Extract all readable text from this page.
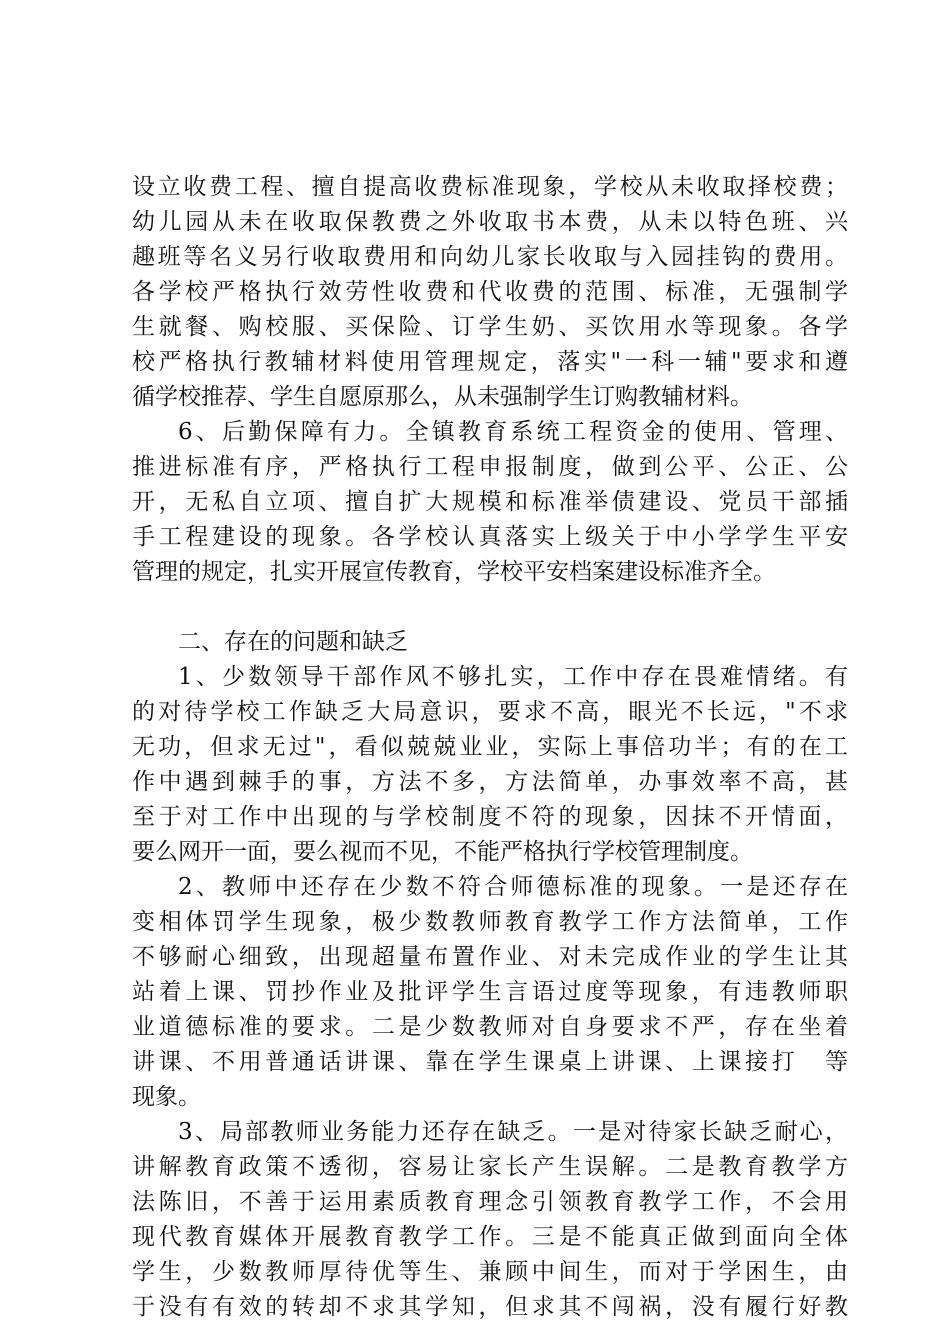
设立收费工程、擅自提高收费标准现象，学校从未收取择校费；
幼儿园从未在收取保教费之外收取书本费，从未以特色班、兴
趣班等名义另行收取费用和向幼儿家长收取与入园挂钩的费用。
各学校严格执行效劳性收费和代收费的范围、标准，无强制学
生就餐、购校服、买保险、订学生奶、买饮用水等现象。各学
校严格执行教辅材料使用管理规定，落实"一科一辅"要求和遵
循学校推荐、学生自愿原那么，从未强制学生订购教辅材料。
6、后勤保障有力。全镇教育系统工程资金的使用、管理、
推进标准有序，严格执行工程申报制度，做到公平、公正、公
开，无私自立项、擅自扩大规模和标准举债建设、党员干部插
手工程建设的现象。各学校认真落实上级关于中小学学生平安
管理的规定，扎实开展宣传教育，学校平安档案建设标准齐全。
二、存在的问题和缺乏
1、少数领导干部作风不够扎实，工作中存在畏难情绪。有
的对待学校工作缺乏大局意识，要求不高，眼光不长远，"不求
无功，但求无过"，看似兢兢业业，实际上事倍功半；有的在工
作中遇到棘手的事，方法不多，方法简单，办事效率不高，甚
至于对工作中出现的与学校制度不符的现象，因抹不开情面，
要么网开一面，要么视而不见，不能严格执行学校管理制度。
2、教师中还存在少数不符合师德标准的现象。一是还存在
变相体罚学生现象，极少数教师教育教学工作方法简单，工作
不够耐心细致，出现超量布置作业、对未完成作业的学生让其
站着上课、罚抄作业及批评学生言语过度等现象，有违教师职
业道德标准的要求。二是少数教师对自身要求不严，存在坐着
讲课、不用普通话讲课、靠在学生课桌上讲课、上课接打　等
现象。
3、局部教师业务能力还存在缺乏。一是对待家长缺乏耐心，
讲解教育政策不透彻，容易让家长产生误解。二是教育教学方
法陈旧，不善于运用素质教育理念引领教育教学工作，不会用
现代教育媒体开展教育教学工作。三是不能真正做到面向全体
学生，少数教师厚待优等生、兼顾中间生，而对于学困生，由
于没有有效的转却不求其学知，但求其不闯祸，没有履行好教
